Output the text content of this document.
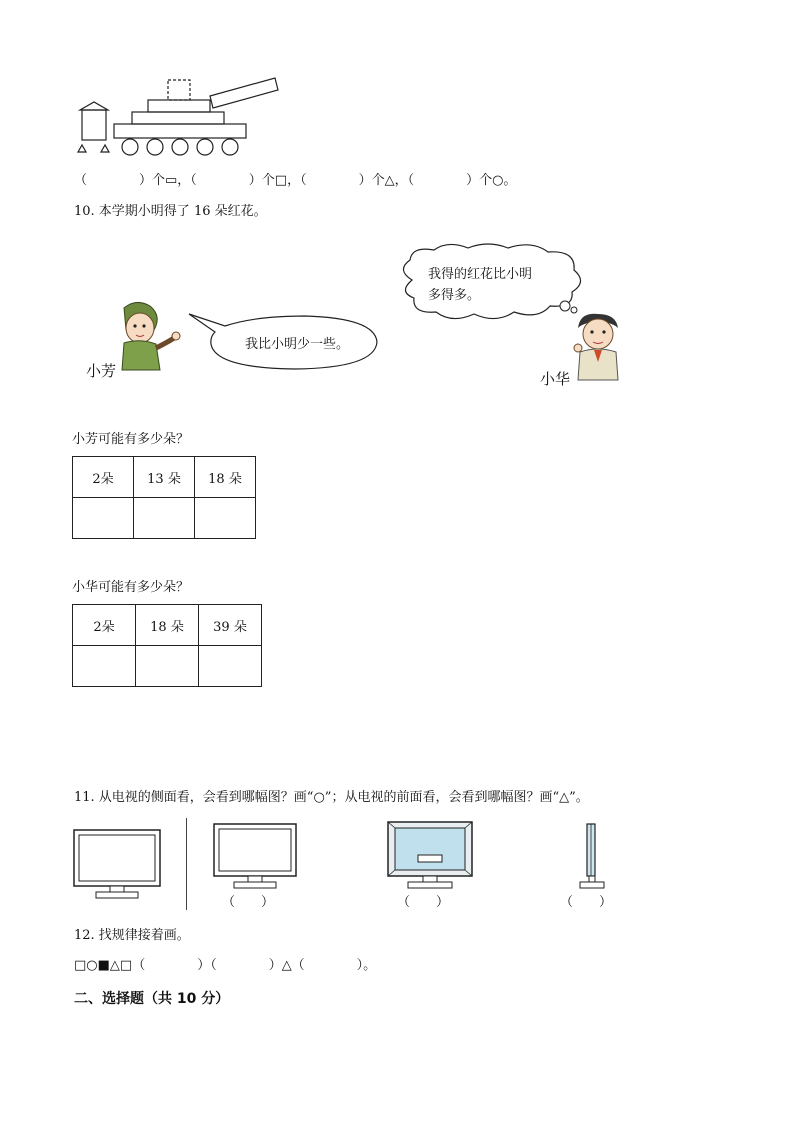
（　　　　）个▭，（　　　　）个□，（　　　　）个△，（　　　　）个○。
10. 本学期小明得了 16 朵红花。
小芳
我比小明少一些。
我得的红花比小明
多得多。
小华
小芳可能有多少朵？
2朵	13 朵	18 朵

小华可能有多少朵？
2朵	18 朵	39 朵

11. 从电视的侧面看，会看到哪幅图？画“○”；从电视的前面看，会看到哪幅图？画“△”。
（　　）	（　　）	（　　）
12. 找规律接着画。
□○■△□（　　　　）（　　　　）△（　　　　）。
二、选择题（共 10 分）
